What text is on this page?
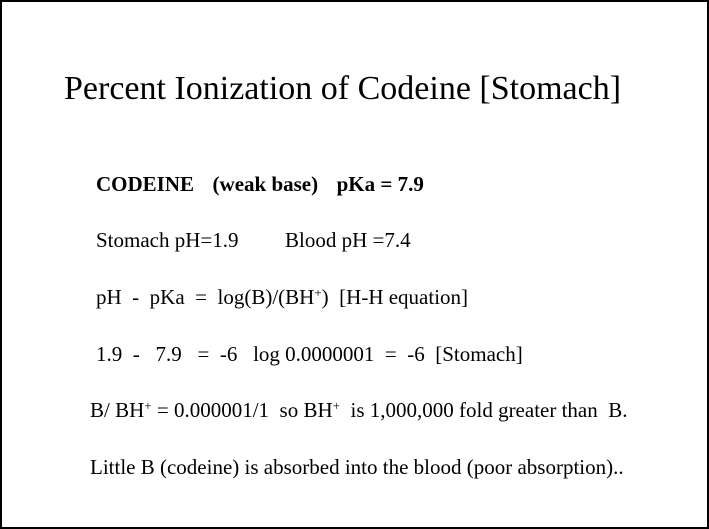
Percent Ionization of Codeine [Stomach]
CODEINE (weak base) pKa = 7.9
Stomach pH=1.9 Blood pH =7.4
pH  -  pKa  =  log(B)/(BH+)  [H-H equation]
1.9  -   7.9   =  -6   log 0.0000001  =  -6  [Stomach]
B/ BH+ = 0.000001/1  so BH+  is 1,000,000 fold greater than  B.
Little B (codeine) is absorbed into the blood (poor absorption)..
